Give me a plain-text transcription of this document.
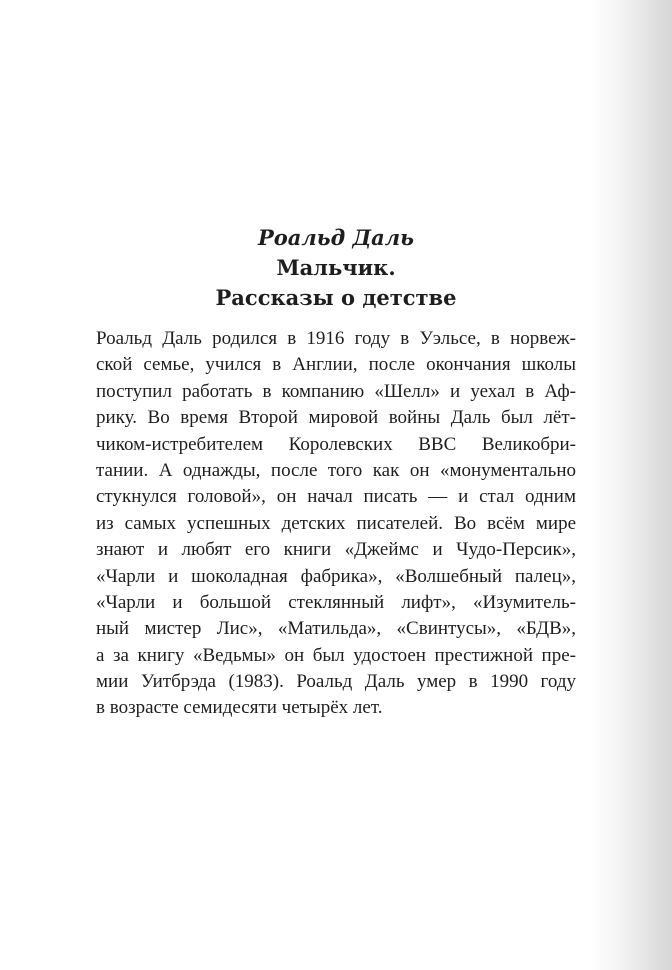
Роальд Даль
Мальчик.
Рассказы о детстве
Роальд Даль родился в 1916 году в Уэльсе, в норвеж-
ской семье, учился в Англии, после окончания школы
поступил работать в компанию «Шелл» и уехал в Аф-
рику. Во время Второй мировой войны Даль был лёт-
чиком-истребителем Королевских ВВС Великобри-
тании. А однажды, после того как он «монументально
стукнулся головой», он начал писать — и стал одним
из самых успешных детских писателей. Во всём мире
знают и любят его книги «Джеймс и Чудо-Персик»,
«Чарли и шоколадная фабрика», «Волшебный палец»,
«Чарли и большой стеклянный лифт», «Изумитель-
ный мистер Лис», «Матильда», «Свинтусы», «БДВ»,
а за книгу «Ведьмы» он был удостоен престижной пре-
мии Уитбрэда (1983). Роальд Даль умер в 1990 году
в возрасте семидесяти четырёх лет.
